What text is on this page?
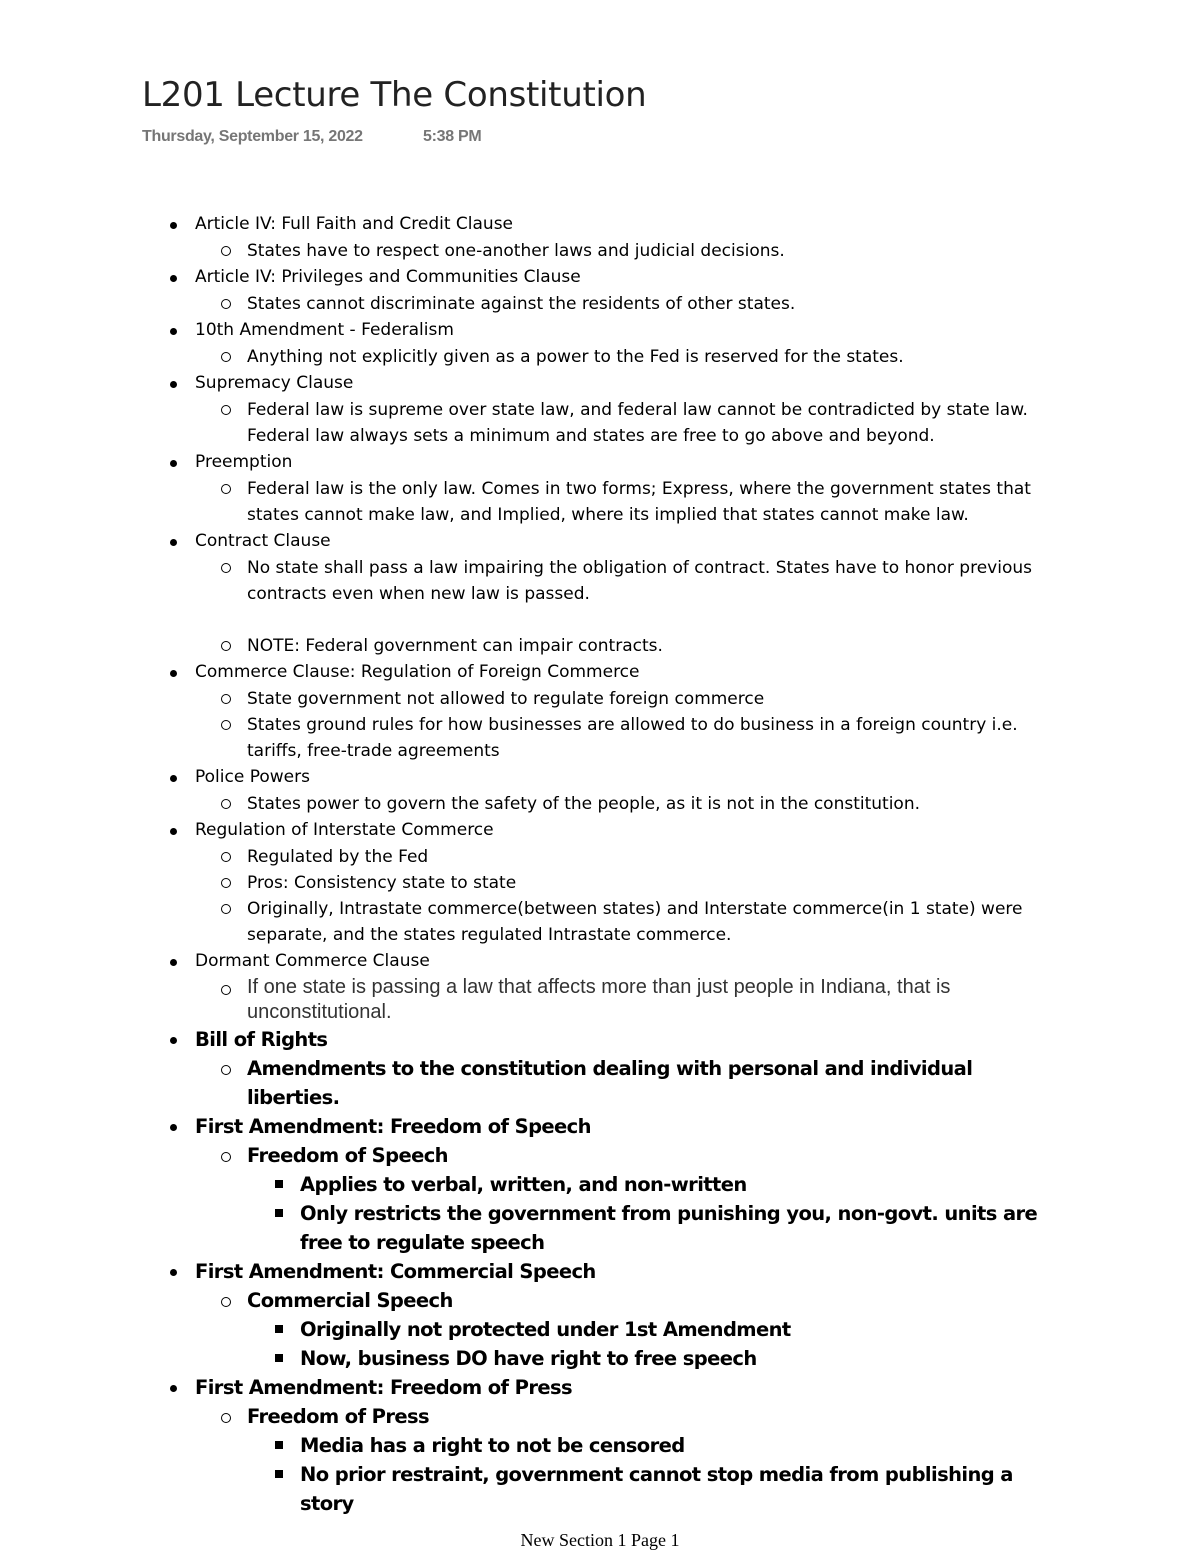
L201 Lecture The Constitution
Thursday, September 15, 2022	5:38 PM
Article IV: Full Faith and Credit Clause
States have to respect one-another laws and judicial decisions.
Article IV: Privileges and Communities Clause
States cannot discriminate against the residents of other states.
10th Amendment - Federalism
Anything not explicitly given as a power to the Fed is reserved for the states.
Supremacy Clause
Federal law is supreme over state law, and federal law cannot be contradicted by state law. Federal law always sets a minimum and states are free to go above and beyond.
Preemption
Federal law is the only law. Comes in two forms; Express, where the government states that states cannot make law, and Implied, where its implied that states cannot make law.
Contract Clause
No state shall pass a law impairing the obligation of contract. States have to honor previous contracts even when new law is passed.
NOTE: Federal government can impair contracts.
Commerce Clause: Regulation of Foreign Commerce
State government not allowed to regulate foreign commerce
States ground rules for how businesses are allowed to do business in a foreign country i.e. tariffs, free-trade agreements
Police Powers
States power to govern the safety of the people, as it is not in the constitution.
Regulation of Interstate Commerce
Regulated by the Fed
Pros: Consistency state to state
Originally, Intrastate commerce(between states) and Interstate commerce(in 1 state) were separate, and the states regulated Intrastate commerce.
Dormant Commerce Clause
If one state is passing a law that affects more than just people in Indiana, that is unconstitutional.
Bill of Rights
Amendments to the constitution dealing with personal and individual liberties.
First Amendment: Freedom of Speech
Freedom of Speech
Applies to verbal, written, and non-written
Only restricts the government from punishing you, non-govt. units are free to regulate speech
First Amendment: Commercial Speech
Commercial Speech
Originally not protected under 1st Amendment
Now, business DO have right to free speech
First Amendment: Freedom of Press
Freedom of Press
Media has a right to not be censored
No prior restraint, government cannot stop media from publishing a story
New Section 1 Page 1
